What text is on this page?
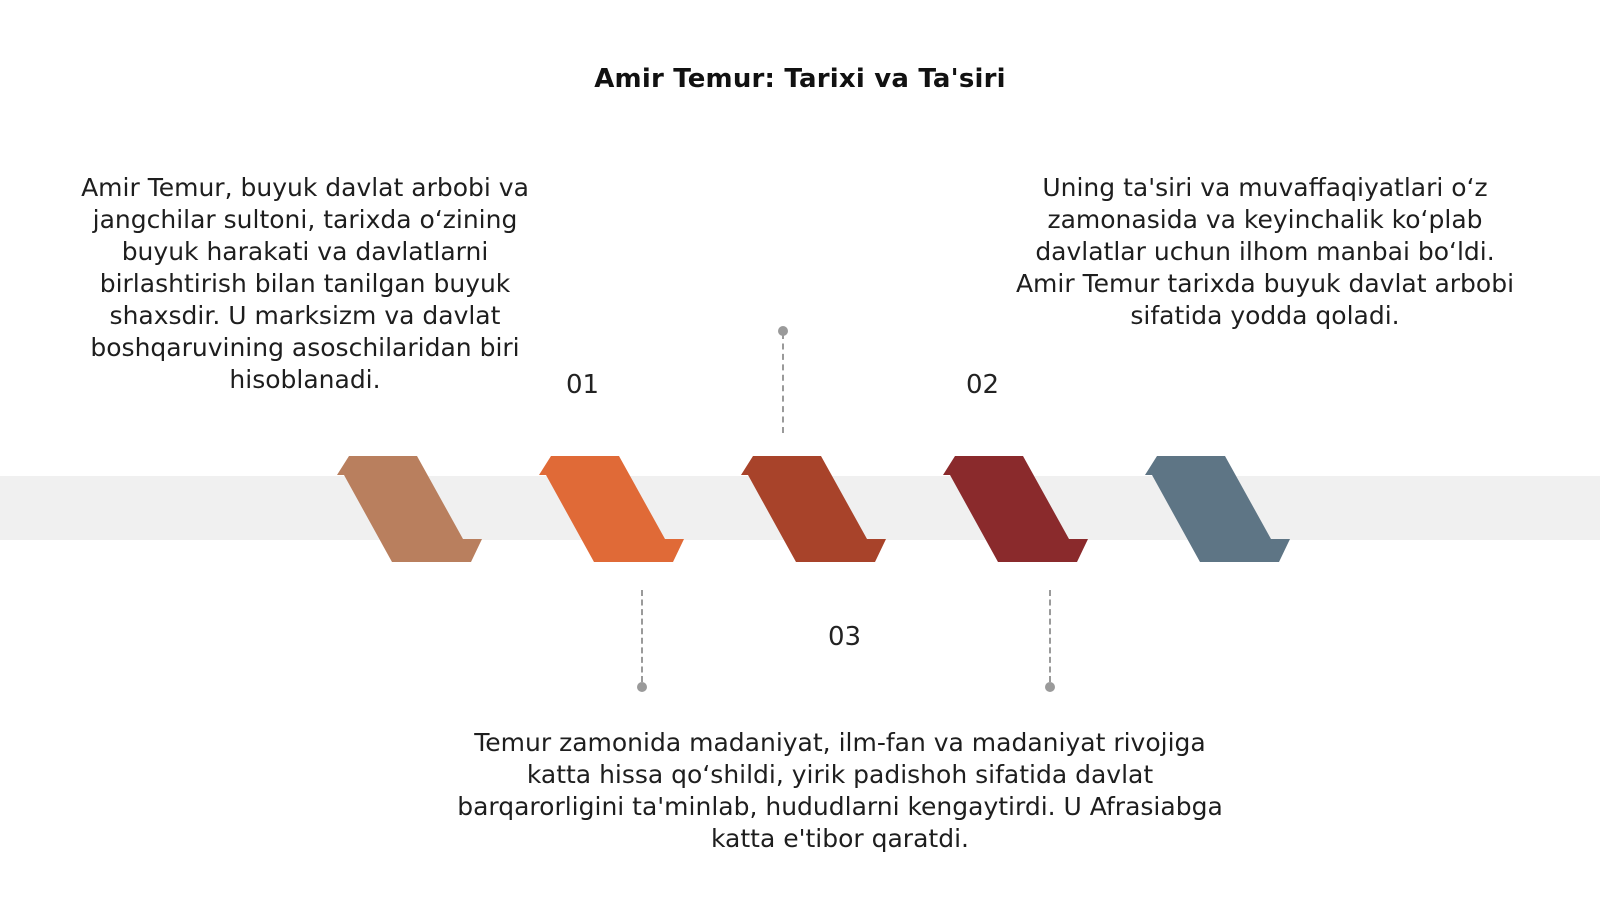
Amir Temur: Tarixi va Ta'siri
Amir Temur, buyuk davlat arbobi va jangchilar sultoni, tarixda o‘zining buyuk harakati va davlatlarni birlashtirish bilan tanilgan buyuk shaxsdir. U marksizm va davlat boshqaruvining asoschilaridan biri hisoblanadi.
Uning ta'siri va muvaffaqiyatlari o‘z zamonasida va keyinchalik ko‘plab davlatlar uchun ilhom manbai bo‘ldi. Amir Temur tarixda buyuk davlat arbobi sifatida yodda qoladi.
Temur zamonida madaniyat, ilm-fan va madaniyat rivojiga katta hissa qo‘shildi, yirik padishoh sifatida davlat barqarorligini ta'minlab, hududlarni kengaytirdi. U Afrasiabga katta e'tibor qaratdi.
01	02
03
